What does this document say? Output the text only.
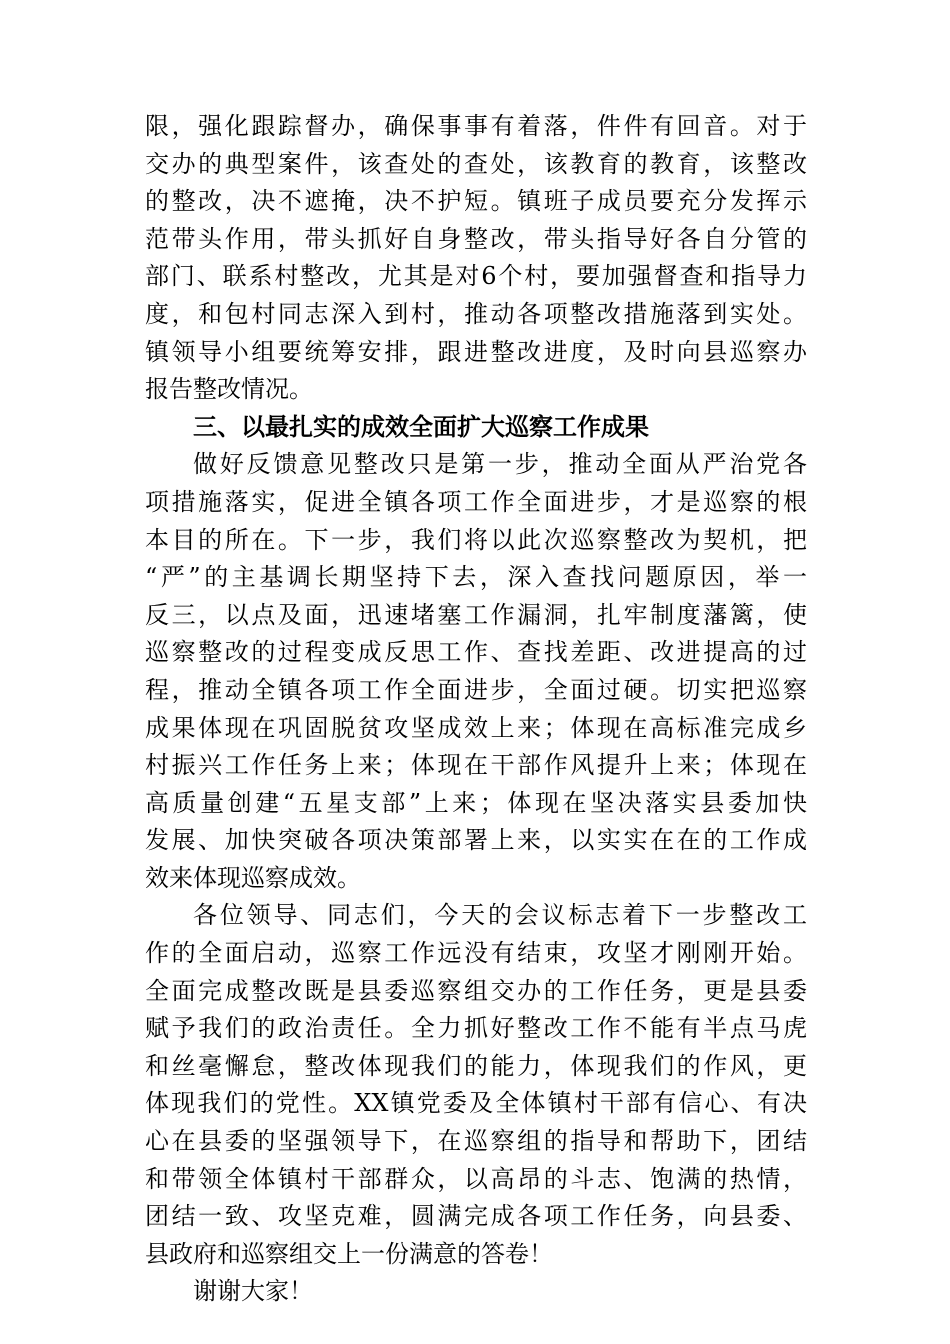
限，强化跟踪督办，确保事事有着落，件件有回音。对于
交办的典型案件，该查处的查处，该教育的教育，该整改
的整改，决不遮掩，决不护短。镇班子成员要充分发挥示
范带头作用，带头抓好自身整改，带头指导好各自分管的
部门、联系村整改，尤其是对6个村，要加强督查和指导力
度，和包村同志深入到村，推动各项整改措施落到实处。
镇领导小组要统筹安排，跟进整改进度，及时向县巡察办
报告整改情况。
三、以最扎实的成效全面扩大巡察工作成果
做好反馈意见整改只是第一步，推动全面从严治党各
项措施落实，促进全镇各项工作全面进步，才是巡察的根
本目的所在。下一步，我们将以此次巡察整改为契机，把
“严”的主基调长期坚持下去，深入查找问题原因，举一
反三，以点及面，迅速堵塞工作漏洞，扎牢制度藩篱，使
巡察整改的过程变成反思工作、查找差距、改进提高的过
程，推动全镇各项工作全面进步，全面过硬。切实把巡察
成果体现在巩固脱贫攻坚成效上来；体现在高标准完成乡
村振兴工作任务上来；体现在干部作风提升上来；体现在
高质量创建“五星支部”上来；体现在坚决落实县委加快
发展、加快突破各项决策部署上来，以实实在在的工作成
效来体现巡察成效。
各位领导、同志们，今天的会议标志着下一步整改工
作的全面启动，巡察工作远没有结束，攻坚才刚刚开始。
全面完成整改既是县委巡察组交办的工作任务，更是县委
赋予我们的政治责任。全力抓好整改工作不能有半点马虎
和丝毫懈怠，整改体现我们的能力，体现我们的作风，更
体现我们的党性。XX镇党委及全体镇村干部有信心、有决
心在县委的坚强领导下，在巡察组的指导和帮助下，团结
和带领全体镇村干部群众，以高昂的斗志、饱满的热情，
团结一致、攻坚克难，圆满完成各项工作任务，向县委、
县政府和巡察组交上一份满意的答卷！
谢谢大家！
